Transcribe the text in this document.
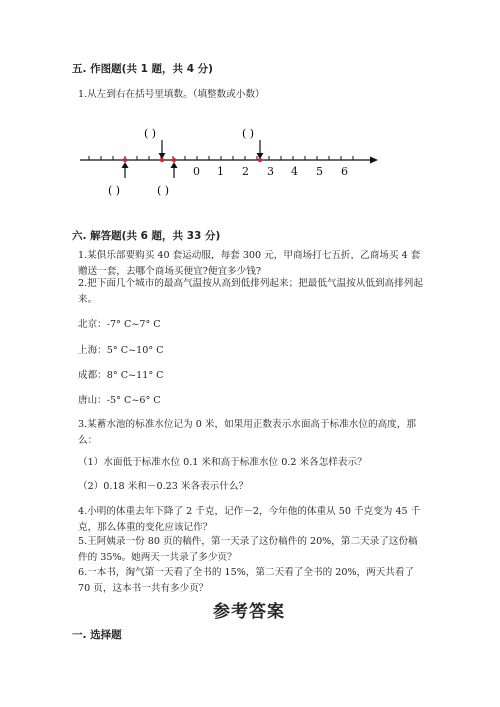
五. 作图题(共 1 题，共 4 分)
1.从左到右在括号里填数。（填整数或小数）
( )	( )
0 1 2 3 4 5 6
( )	( )
六. 解答题(共 6 题，共 33 分)
1.某俱乐部要购买 40 套运动服，每套 300 元，甲商场打七五折，乙商场买 4 套赠送一套，去哪个商场买便宜?便宜多少钱?
2.把下面几个城市的最高气温按从高到低排列起来；把最低气温按从低到高排列起来。
北京：-7° C~7° C
上海：5° C~10° C
成都：8° C~11° C
唐山：-5° C~6° C
3.某蓄水池的标准水位记为 0 米，如果用正数表示水面高于标准水位的高度，那么：
（1）水面低于标准水位 0.1 米和高于标准水位 0.2 米各怎样表示？
（2）0.18 米和－0.23 米各表示什么？
4.小明的体重去年下降了 2 千克，记作－2，今年他的体重从 50 千克变为 45 千克，那么体重的变化应该记作？
5.王阿姨录一份 80 页的稿件，第一天录了这份稿件的 20%，第二天录了这份稿件的 35%。她两天一共录了多少页？
6.一本书，淘气第一天看了全书的 15%，第二天看了全书的 20%，两天共看了 70 页，这本书一共有多少页？
参考答案
一. 选择题
